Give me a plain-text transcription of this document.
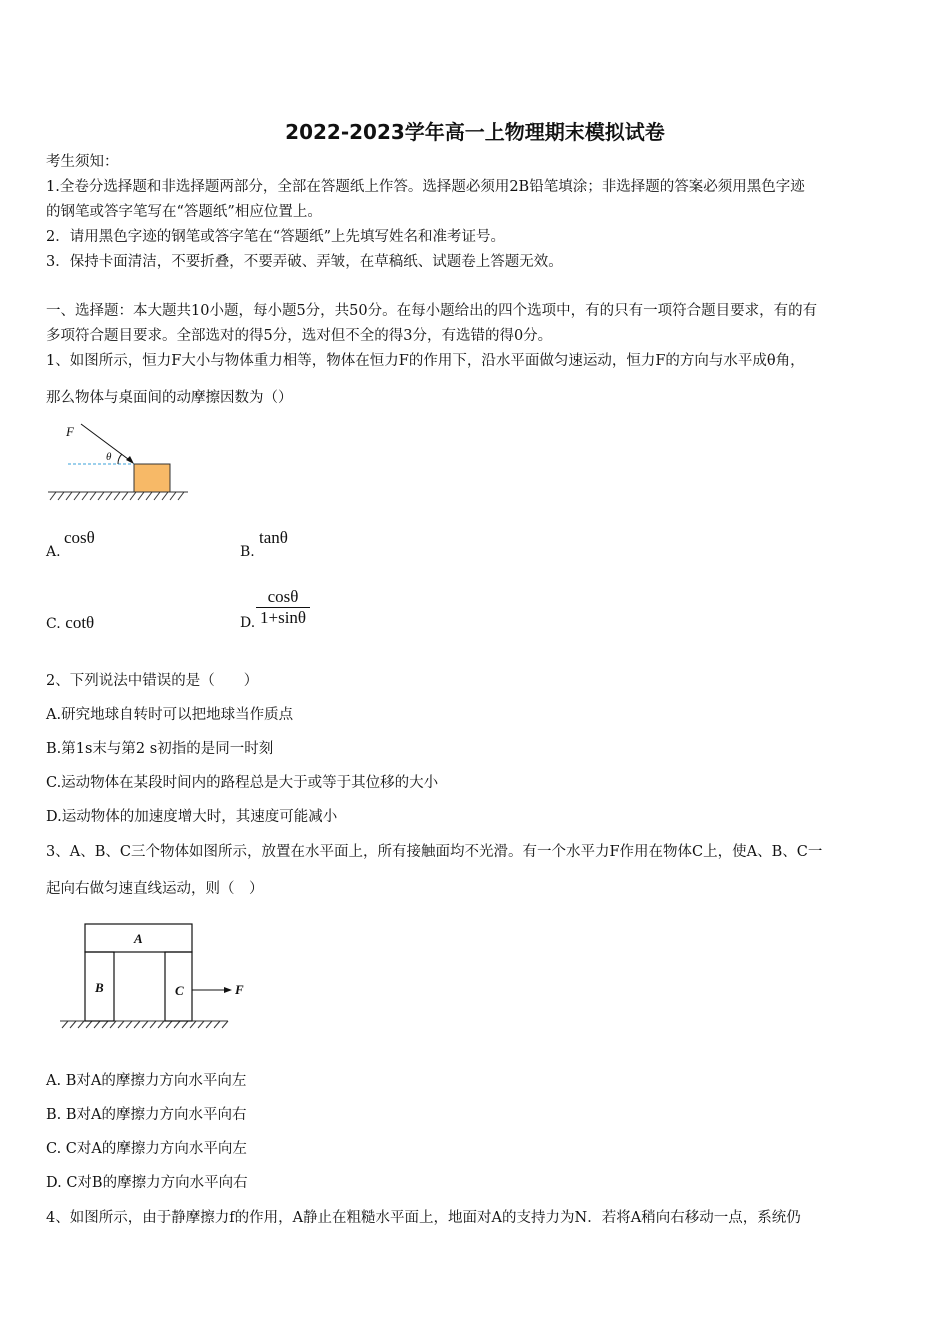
2022-2023学年高一上物理期末模拟试卷
考生须知：
1.全卷分选择题和非选择题两部分，全部在答题纸上作答。选择题必须用2B铅笔填涂；非选择题的答案必须用黑色字迹
的钢笔或答字笔写在“答题纸”相应位置上。
2．请用黑色字迹的钢笔或答字笔在“答题纸”上先填写姓名和准考证号。
3．保持卡面清洁，不要折叠，不要弄破、弄皱，在草稿纸、试题卷上答题无效。
一、选择题：本大题共10小题，每小题5分，共50分。在每小题给出的四个选项中，有的只有一项符合题目要求，有的有
多项符合题目要求。全部选对的得5分，选对但不全的得3分，有选错的得0分。
1、如图所示，恒力F大小与物体重力相等，物体在恒力F的作用下，沿水平面做匀速运动，恒力F的方向与水平成θ角，
那么物体与桌面间的动摩擦因数为（）
F
θ
A.
cosθ
B.
tanθ
C. cotθ	D. $\frac{\cos\theta}{1+\sin\theta}$
2、下列说法中错误的是（　　）
A.研究地球自转时可以把地球当作质点
B.第1s末与第2 s初指的是同一时刻
C.运动物体在某段时间内的路程总是大于或等于其位移的大小
D.运动物体的加速度增大时，其速度可能减小
3、A、B、C三个物体如图所示，放置在水平面上，所有接触面均不光滑。有一个水平力F作用在物体C上，使A、B、C一
起向右做匀速直线运动，则（　）
A
B	C	F
A. B对A的摩擦力方向水平向左
B. B对A的摩擦力方向水平向右
C. C对A的摩擦力方向水平向左
D. C对B的摩擦力方向水平向右
4、如图所示，由于静摩擦力f的作用，A静止在粗糙水平面上，地面对A的支持力为N．若将A稍向右移动一点，系统仍
